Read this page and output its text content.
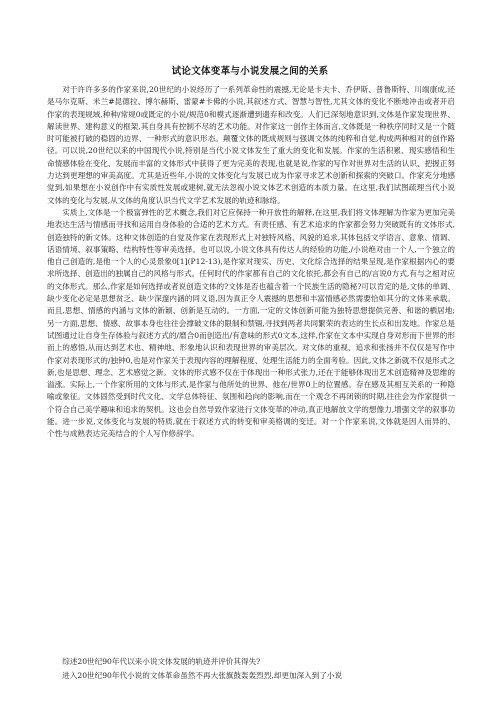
试论文体变革与小说发展之间的关系

对于许许多多的作家来说,20世纪的小说经历了一系列革命性的震撼,无论是卡夫卡、乔伊斯、普鲁斯特、川端康成,还是马尔克斯、米兰#昆德拉、博尔赫斯、雷蒙#卡佛的小说,其叙述方式、智慧与智性,尤其文体的变化不断地冲击或者开启作家的表现规域,种种/常规0或既定的小说/规范0和模式逐渐遭到遗弃和改变。人们已深刻地意识到,文体是作家发现世界、解读世界、建构意义的框架,其自身具有控制不尽的艺术功能。对作家这一创作主体而言,文体既是一种秩序同时又是一个随时可能被打破的稳固的边界、一种形式的意识形态。颠覆文体的既成规则与强调文体的纯粹和自觉,构成两种相对的创作路径。可以说,20世纪以来的中国现代小说,特别是当代小说文体发生了重大的变化和发展。作家的生活积累、现实感悟和生命情感体验在变化、发展而丰富的文体形式中获得了更为完美的表现,也就是说,作家的写作对世界对生活的认识、把握正努力达到更理想的审美高度。尤其是近些年,小说的文体变化与发展已成为作家寻求艺术创新和探索的突破口。作家充分地感觉到,如果想在小说创作中有实质性发展或建树,就无法忽视小说文体艺术创造的本质力量。在这里,我们试图疏理当代小说文体的变化与发展,从文体的角度认识当代文学艺术发展的轨迹和脉络。

实质上,文体是一个极富弹性的艺术概念,我们对它应保持一种开放性的解释,在这里,我们将文体理解为作家为更加完美地表达生活与情感而寻找和运用自身体验的合适的艺术方式。有责任感、有艺术追求的作家都会努力突破既有的文体形式,创造独特的新文体。这种文体创造的自觉及作家在表现形式上对独特风格、风貌的追求,其体包括文学语言、意象、情调、话语情境、叙事策略、结构特性等审美选择。也可以说,小说文体具有传达人的经验的功能,/小说绝对由一个人,一个独立的他自己创造的,是他一个人的心灵景象0[1](P12-13),是作家对现实、历史、文化综合选择的结果呈现,是作家根据内心的要求所选择、创造出的独属自己的风格与形式。任何时代的作家都有自己的文化依托,都会有自己的/言说0方式,有与之相对应的文体形式。那么,作家是如何选择或者说创造文体的?文体是否也蕴含着一个民族生活的隐秘?可以肯定的是,文体的单调、缺少变化必定是思想贫乏、缺少深邃内涵的同义语,因为真正令人震撼的思想和丰富情感必然需要恰如其分的文体来承载。而且,思想、情感的内涵与文体的新颖、创新是互动的。一方面,一定的文体创新可能为独特思想提供完善、和谐的栖居地;另一方面,思想、情感、故事本身也往往会撑破文体的限制和禁锢,寻找到两者共同繁荣的表达的生长点和出发地。作家总是试图通过让自身生存体验与叙述方式的/磨合0而创造出/有意味的形式0文本,这样,作家在文本中实现自身对形而下世界的形而上的感悟,从而达到艺术也、精神地、形象地认识和表现世界的审美层次。对文体的重视、追求和张扬并不仅仅是写作中作家对表现形式的/独钟0,也是对作家关于表现内容的理解程度、处理生活能力的全面考验。因此,文体之新就不仅是形式之新,也是思想、理念、艺术感觉之新。文体的形式感不仅在于体现出一种形式张力,还在于能够体现出艺术创造精神及思维的溢涨。实际上,一个作家所用的文体与形式,是作家与他所处的世界、他在/世界0上的位置感。存在感及其相互关系的一种隐喻或象征。文体固然受到时代文化、文学总体特征、氛围和趋向的影响,而在一个观念不再闭锁的时期,往往会为作家提供一个符合自己美学趣味和追求的契机。这也会自然导致作家进行文体变革的冲动,真正地解放文学的想像力,增强文学的叙事功能。进一步说,文体变化与发展的特质,就在于叙述方式的转变和审美格调的变迁。对一个作家来说,文体就是因人而异的、个性与成熟表达完美结合的个人写作修辞学。

综述20世纪90年代以来小说文体发展的轨迹并评价其得失?

进入20世纪90年代小说的文体革命虽然不再大张旗鼓轰轰烈烈,却更加深入到了小说
